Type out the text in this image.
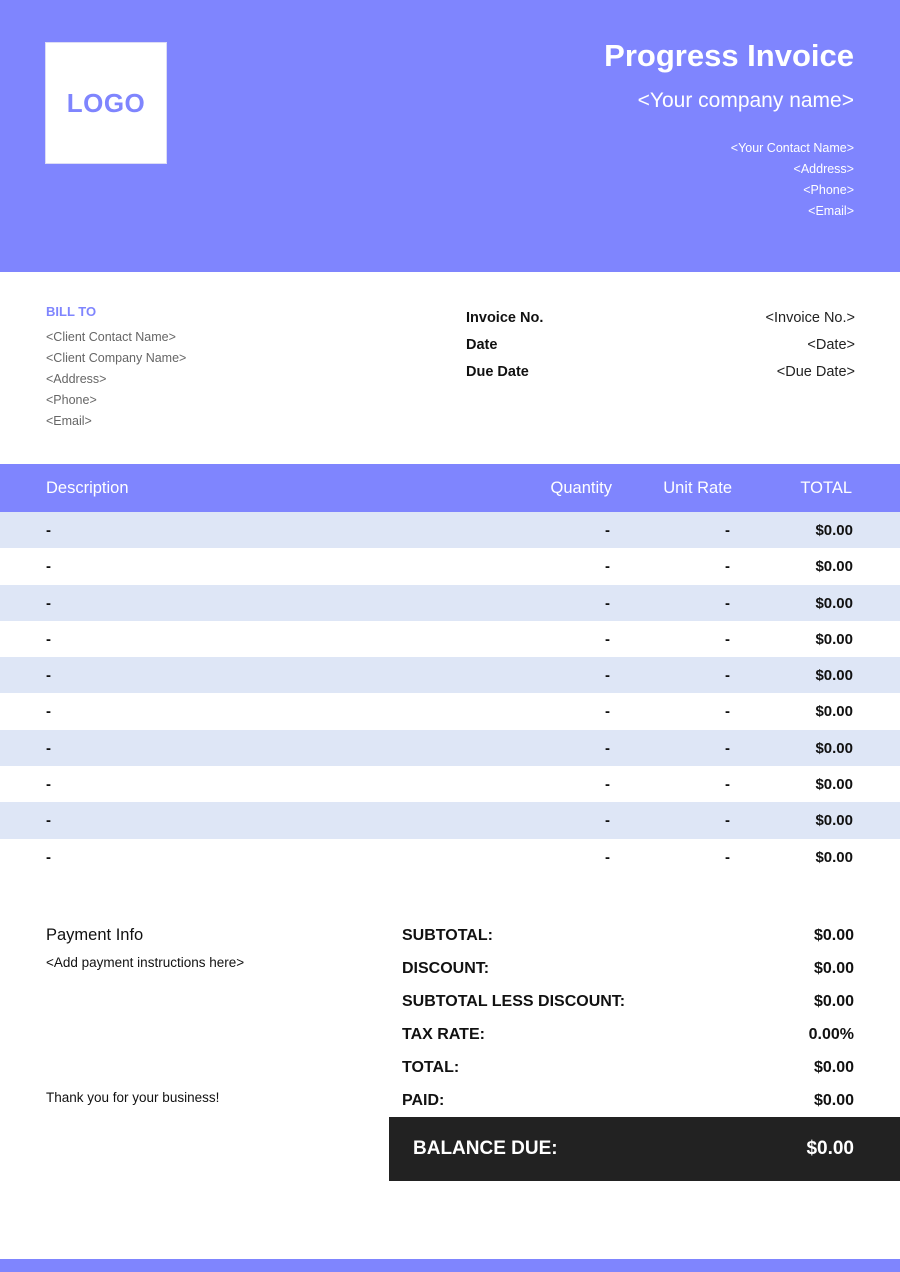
LOGO
Progress Invoice
<Your company name>
<Your Contact Name>
<Address>
<Phone>
<Email>
BILL TO
<Client Contact Name>
<Client Company Name>
<Address>
<Phone>
<Email>
Invoice No.	<Invoice No.>
Date	<Date>
Due Date	<Due Date>
Description	Quantity	Unit Rate	TOTAL
-	-	-	$0.00
-	-	-	$0.00
-	-	-	$0.00
-	-	-	$0.00
-	-	-	$0.00
-	-	-	$0.00
-	-	-	$0.00
-	-	-	$0.00
-	-	-	$0.00
-	-	-	$0.00
Payment Info
<Add payment instructions here>
Thank you for your business!
SUBTOTAL:	$0.00
DISCOUNT:	$0.00
SUBTOTAL LESS DISCOUNT:	$0.00
TAX RATE:	0.00%
TOTAL:	$0.00
PAID:	$0.00
BALANCE DUE:	$0.00
